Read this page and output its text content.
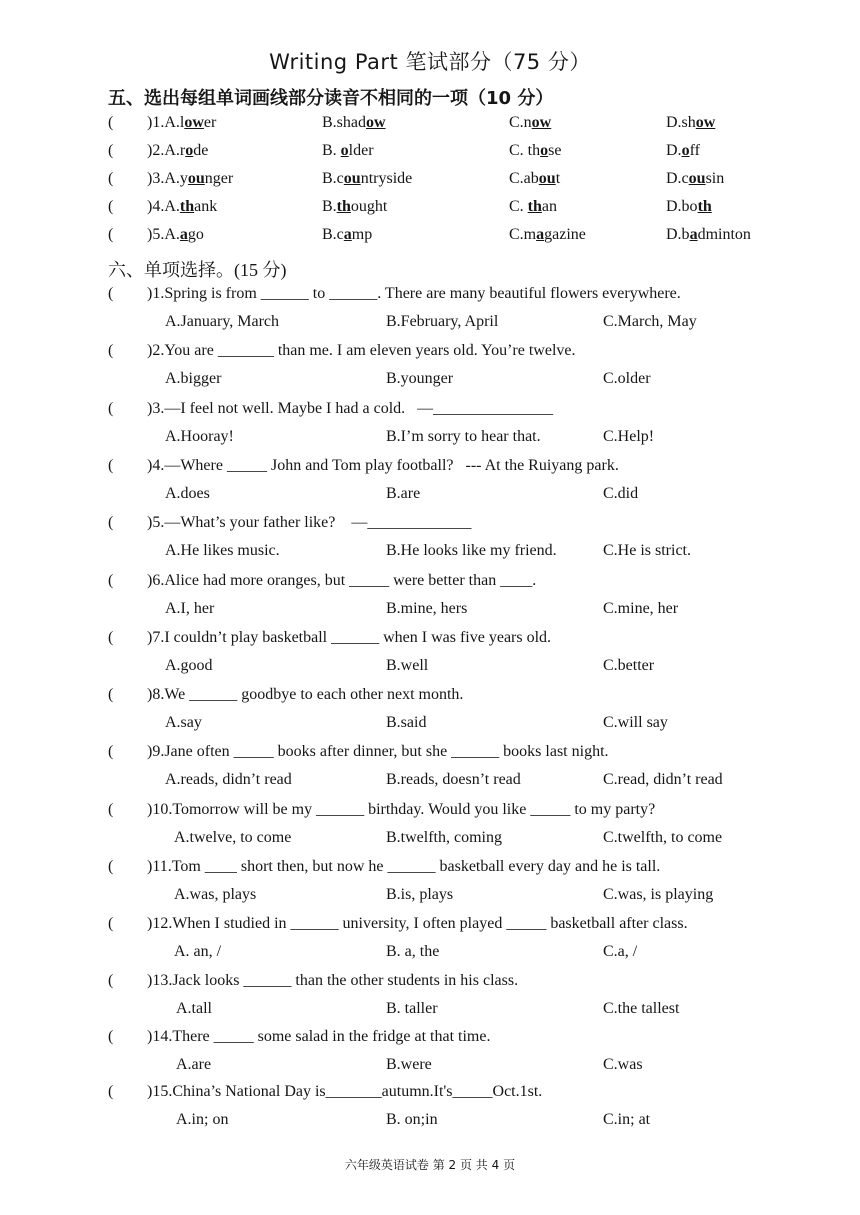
Writing Part 笔试部分（75 分）
五、选出每组单词画线部分读音不相同的一项（10 分）
( )1.A.lower	B.shadow	C.now	D.show
( )2.A.rode	B. older	C. those	D.off
( )3.A.younger	B.countryside	C.about	D.cousin
( )4.A.thank	B.thought	C. than	D.both
( )5.A.ago	B.camp	C.magazine	D.badminton
六、单项选择。(15 分)
( )1.Spring is from ______ to ______. There are many beautiful flowers everywhere.
A.January, March	B.February, April	C.March, May
( )2.You are _______ than me. I am eleven years old. You’re twelve.
A.bigger	B.younger	C.older
( )3.—I feel not well. Maybe I had a cold.   —_______________
A.Hooray!	B.I’m sorry to hear that.	C.Help!
( )4.—Where _____ John and Tom play football?   --- At the Ruiyang park.
A.does	B.are	C.did
( )5.—What’s your father like?    —_____________
A.He likes music.	B.He looks like my friend.	C.He is strict.
( )6.Alice had more oranges, but _____ were better than ____.
A.I, her	B.mine, hers	C.mine, her
( )7.I couldn’t play basketball ______ when I was five years old.
A.good	B.well	C.better
( )8.We ______ goodbye to each other next month.
A.say	B.said	C.will say
( )9.Jane often _____ books after dinner, but she ______ books last night.
A.reads, didn’t read	B.reads, doesn’t read	C.read, didn’t read
( )10.Tomorrow will be my ______ birthday. Would you like _____ to my party?
A.twelve, to come	B.twelfth, coming	C.twelfth, to come
( )11.Tom ____ short then, but now he ______ basketball every day and he is tall.
A.was, plays	B.is, plays	C.was, is playing
( )12.When I studied in ______ university, I often played _____ basketball after class.
A. an, /	B. a, the	C.a, /
( )13.Jack looks ______ than the other students in his class.
A.tall	B. taller	C.the tallest
( )14.There _____ some salad in the fridge at that time.
A.are	B.were	C.was
( )15.China’s National Day is_______autumn.It's_____Oct.1st.
A.in; on	B. on;in	C.in; at
六年级英语试卷 第 2 页 共 4 页
